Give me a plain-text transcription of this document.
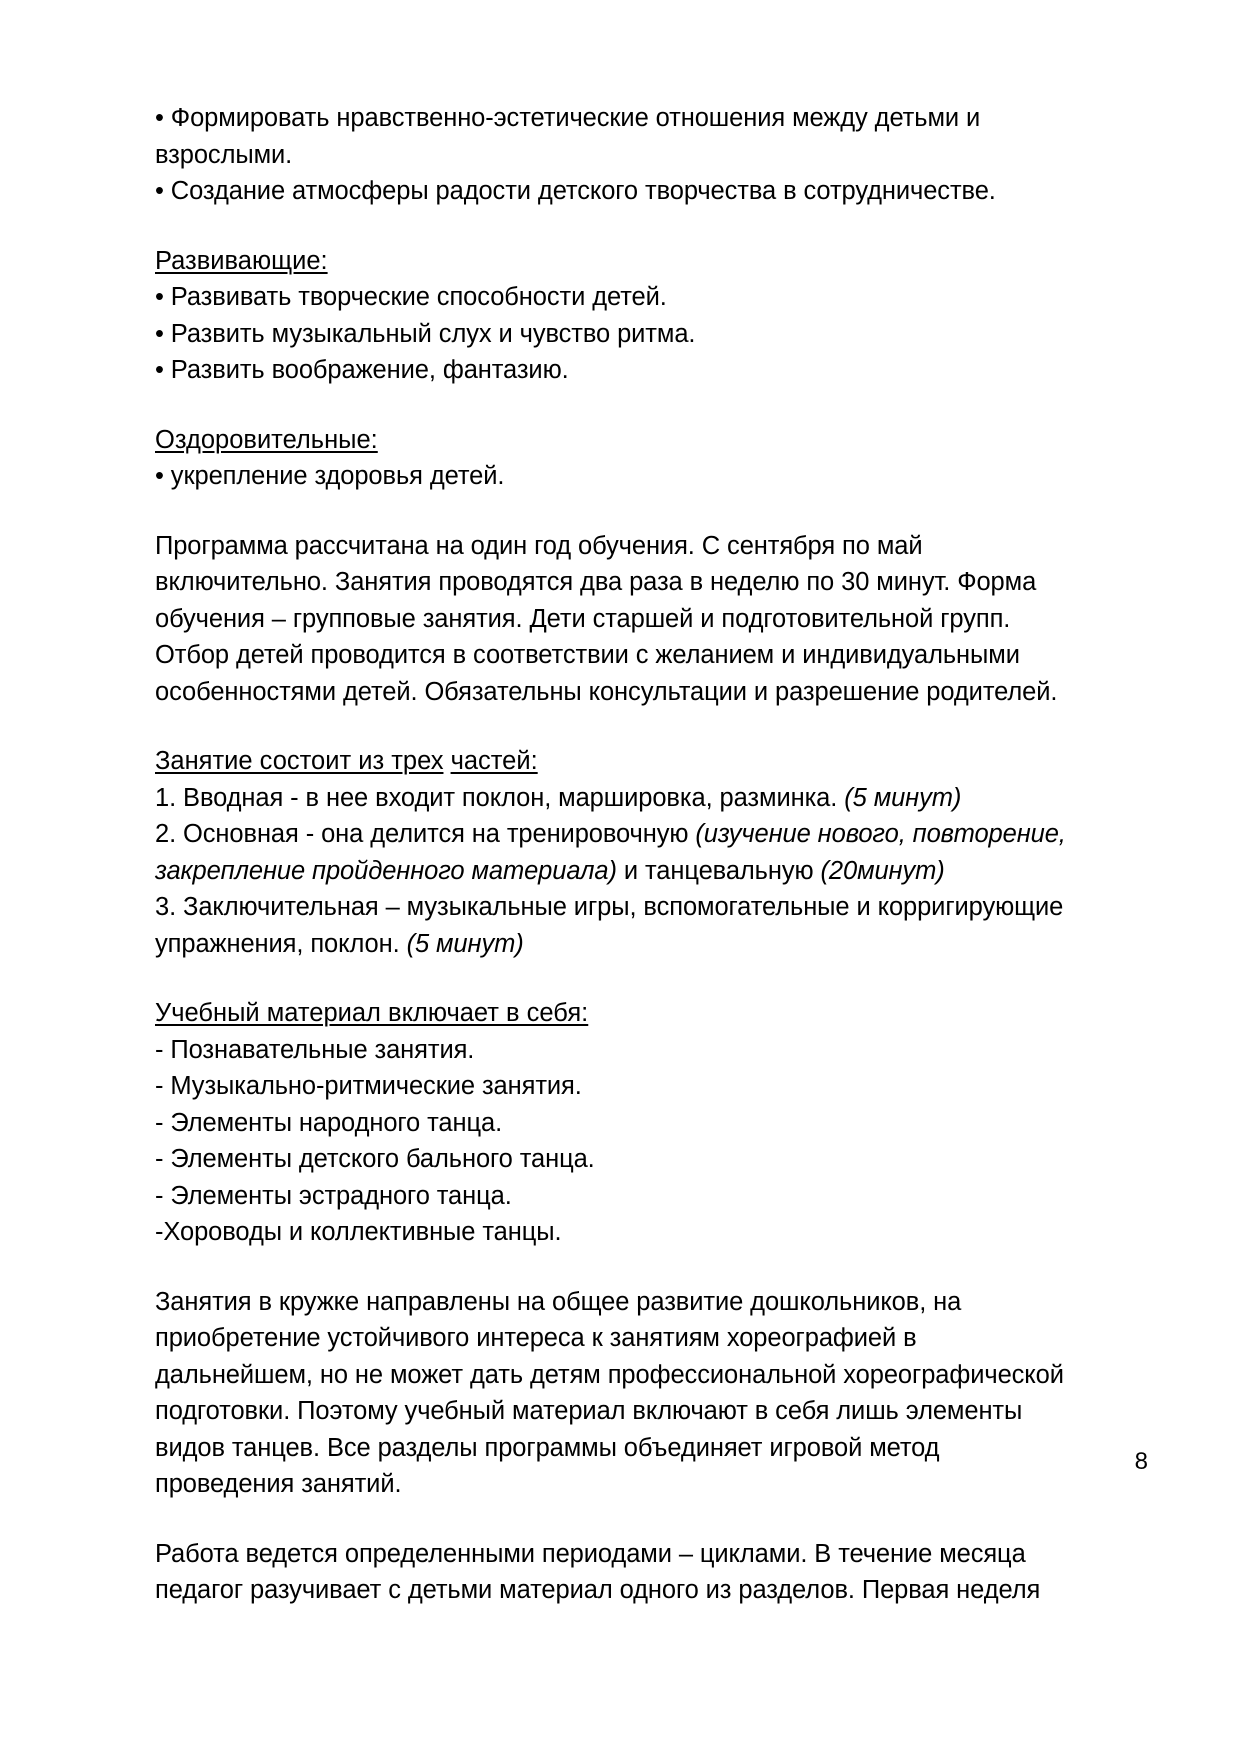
• Формировать нравственно-эстетические отношения между детьми и
взрослыми.
• Создание атмосферы радости детского творчества в сотрудничестве.
Развивающие:
• Развивать творческие способности детей.
• Развить музыкальный слух и чувство ритма.
• Развить воображение, фантазию.
Оздоровительные:
• укрепление здоровья детей.
Программа рассчитана на один год обучения. С сентября по май
включительно. Занятия проводятся два раза в неделю по 30 минут. Форма
обучения – групповые занятия. Дети старшей и подготовительной групп.
Отбор детей проводится в соответствии с желанием и индивидуальными
особенностями детей. Обязательны консультации и разрешение родителей.
Занятие состоит из трех частей:
1. Вводная - в нее входит поклон, маршировка, разминка. (5 минут)
2. Основная - она делится на тренировочную (изучение нового, повторение,
закрепление пройденного материала) и танцевальную (20минут)
3. Заключительная – музыкальные игры, вспомогательные и корригирующие
упражнения, поклон. (5 минут)
Учебный материал включает в себя:
- Познавательные занятия.
- Музыкально-ритмические занятия.
- Элементы народного танца.
- Элементы детского бального танца.
- Элементы эстрадного танца.
-Хороводы и коллективные танцы.
Занятия в кружке направлены на общее развитие дошкольников, на
приобретение устойчивого интереса к занятиям хореографией в
дальнейшем, но не может дать детям профессиональной хореографической
подготовки. Поэтому учебный материал включают в себя лишь элементы
видов танцев. Все разделы программы объединяет игровой метод
проведения занятий.
Работа ведется определенными периодами – циклами. В течение месяца
педагог разучивает с детьми материал одного из разделов. Первая неделя
8
